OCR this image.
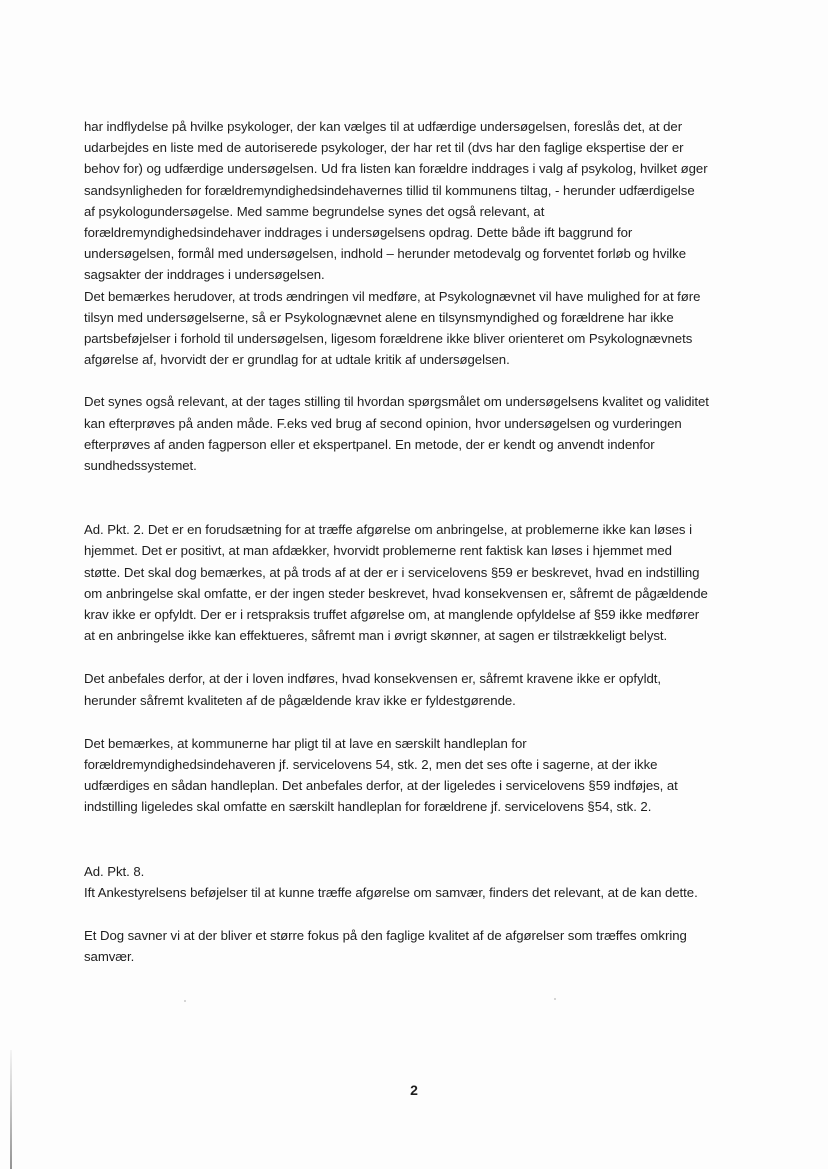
har indflydelse på hvilke psykologer, der kan vælges til at udfærdige undersøgelsen, foreslås det, at der
udarbejdes en liste med de autoriserede psykologer, der har ret til (dvs har den faglige ekspertise der er
behov for) og udfærdige undersøgelsen. Ud fra listen kan forældre inddrages i valg af psykolog, hvilket øger
sandsynligheden for forældremyndighedsindehavernes tillid til kommunens tiltag, - herunder udfærdigelse
af psykologundersøgelse. Med samme begrundelse synes det også relevant, at
forældremyndighedsindehaver inddrages i undersøgelsens opdrag. Dette både ift baggrund for
undersøgelsen, formål med undersøgelsen, indhold – herunder metodevalg og forventet forløb og hvilke
sagsakter der inddrages i undersøgelsen.
Det bemærkes herudover, at trods ændringen vil medføre, at Psykolognævnet vil have mulighed for at føre
tilsyn med undersøgelserne, så er Psykolognævnet alene en tilsynsmyndighed og forældrene har ikke
partsbeføjelser i forhold til undersøgelsen, ligesom forældrene ikke bliver orienteret om Psykolognævnets
afgørelse af, hvorvidt der er grundlag for at udtale kritik af undersøgelsen.
Det synes også relevant, at der tages stilling til hvordan spørgsmålet om undersøgelsens kvalitet og validitet
kan efterprøves på anden måde. F.eks ved brug af second opinion, hvor undersøgelsen og vurderingen
efterprøves af anden fagperson eller et ekspertpanel. En metode, der er kendt og anvendt indenfor
sundhedssystemet.
Ad. Pkt. 2. Det er en forudsætning for at træffe afgørelse om anbringelse, at problemerne ikke kan løses i
hjemmet. Det er positivt, at man afdækker, hvorvidt problemerne rent faktisk kan løses i hjemmet med
støtte. Det skal dog bemærkes, at på trods af at der er i servicelovens §59 er beskrevet, hvad en indstilling
om anbringelse skal omfatte, er der ingen steder beskrevet, hvad konsekvensen er, såfremt de pågældende
krav ikke er opfyldt. Der er i retspraksis truffet afgørelse om, at manglende opfyldelse af §59 ikke medfører
at en anbringelse ikke kan effektueres, såfremt man i øvrigt skønner, at sagen er tilstrækkeligt belyst.
Det anbefales derfor, at der i loven indføres, hvad konsekvensen er, såfremt kravene ikke er opfyldt,
herunder såfremt kvaliteten af de pågældende krav ikke er fyldestgørende.
Det bemærkes, at kommunerne har pligt til at lave en særskilt handleplan for
forældremyndighedsindehaveren jf. servicelovens 54, stk. 2, men det ses ofte i sagerne, at der ikke
udfærdiges en sådan handleplan. Det anbefales derfor, at der ligeledes i servicelovens §59 indføjes, at
indstilling ligeledes skal omfatte en særskilt handleplan for forældrene jf. servicelovens §54, stk. 2.
Ad. Pkt. 8.
Ift Ankestyrelsens beføjelser til at kunne træffe afgørelse om samvær, finders det relevant, at de kan dette.
Et Dog savner vi at der bliver et større fokus på den faglige kvalitet af de afgørelser som træffes omkring
samvær.
2
